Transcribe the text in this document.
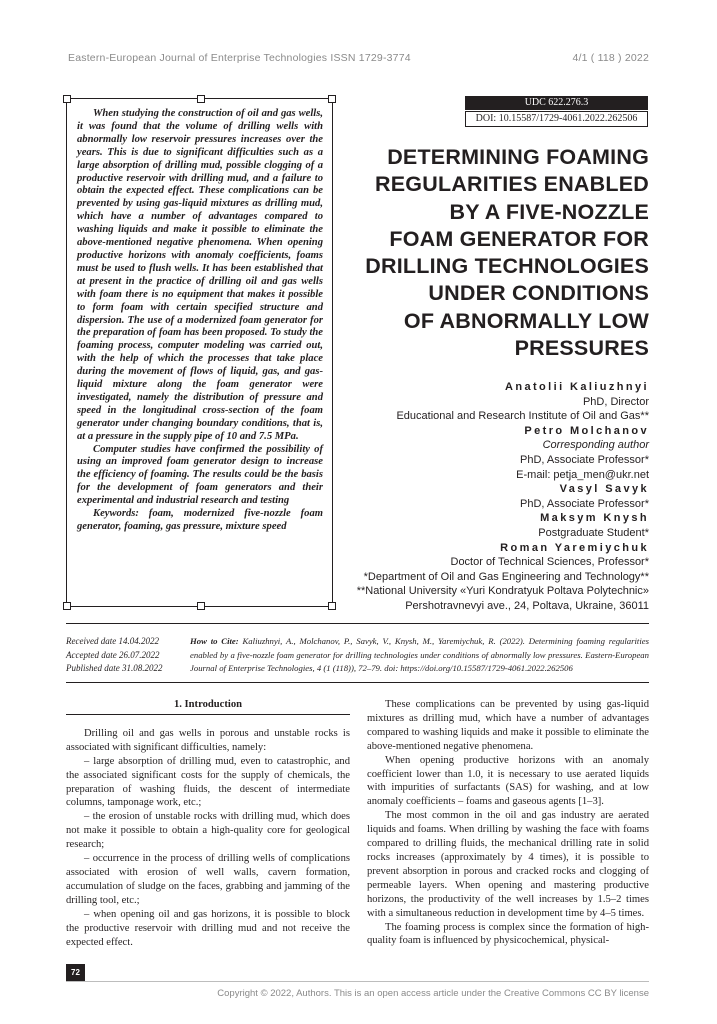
Eastern-European Journal of Enterprise Technologies ISSN 1729-3774	4/1 ( 118 ) 2022

When studying the construction of oil and gas wells, it was found that the volume of drilling wells with abnormally low reservoir pressures increases over the years. This is due to significant difficulties such as a large absorption of drilling mud, possible clogging of a productive reservoir with drilling mud, and a failure to obtain the expected effect. These complications can be prevented by using gas-liquid mixtures as drilling mud, which have a number of advantages compared to washing liquids and make it possible to eliminate the above-mentioned negative phenomena. When opening productive horizons with anomaly coefficients, foams must be used to flush wells. It has been established that at present in the practice of drilling oil and gas wells with foam there is no equipment that makes it possible to form foam with certain specified structure and dispersion. The use of a modernized foam generator for the preparation of foam has been proposed. To study the foaming process, computer modeling was carried out, with the help of which the processes that take place during the movement of flows of liquid, gas, and gas-liquid mixture along the foam generator were investigated, namely the distribution of pressure and speed in the longitudinal cross-section of the foam generator under changing boundary conditions, that is, at a pressure in the supply pipe of 10 and 7.5 MPa.

Computer studies have confirmed the possibility of using an improved foam generator design to increase the efficiency of foaming. The results could be the basis for the development of foam generators and their experimental and industrial research and testing

Keywords: foam, modernized five-nozzle foam generator, foaming, gas pressure, mixture speed

UDC 622.276.3
DOI: 10.15587/1729-4061.2022.262506
DETERMINING FOAMING
REGULARITIES ENABLED
BY A FIVE-NOZZLE
FOAM GENERATOR FOR
DRILLING TECHNOLOGIES
UNDER CONDITIONS
OF ABNORMALLY LOW
PRESSURES
Anatolii Kaliuzhnyi
PhD, Director
Educational and Research Institute of Oil and Gas**
Petro Molchanov
Corresponding author
PhD, Associate Professor*
E-mail: petja_men@ukr.net
Vasyl Savyk
PhD, Associate Professor*
Maksym Knysh
Postgraduate Student*
Roman Yaremiychuk
Doctor of Technical Sciences, Professor*
*Department of Oil and Gas Engineering and Technology**
**National University «Yuri Kondratyuk Poltava Polytechnic»
Pershotravnevyi ave., 24, Poltava, Ukraine, 36011
Received date 14.04.2022
Accepted date 26.07.2022
Published date 31.08.2022
How to Cite: Kaliuzhnyi, A., Molchanov, P., Savyk, V., Knysh, M., Yaremiychuk, R. (2022). Determining foaming regularities enabled by a five-nozzle foam generator for drilling technologies under conditions of abnormally low pressures. Eastern-European Journal of Enterprise Technologies, 4 (1 (118)), 72–79. doi: https://doi.org/10.15587/1729-4061.2022.262506
1. Introduction

Drilling oil and gas wells in porous and unstable rocks is associated with significant difficulties, namely:

– large absorption of drilling mud, even to catastrophic, and the associated significant costs for the supply of chemicals, the preparation of washing fluids, the descent of intermediate columns, tamponage work, etc.;

– the erosion of unstable rocks with drilling mud, which does not make it possible to obtain a high-quality core for geological research;

– occurrence in the process of drilling wells of complications associated with erosion of well walls, cavern formation, accumulation of sludge on the faces, grabbing and jamming of the drilling tool, etc.;

– when opening oil and gas horizons, it is possible to block the productive reservoir with drilling mud and not receive the expected effect.

These complications can be prevented by using gas-liquid mixtures as drilling mud, which have a number of advantages compared to washing liquids and make it possible to eliminate the above-mentioned negative phenomena.

When opening productive horizons with an anomaly coefficient lower than 1.0, it is necessary to use aerated liquids with impurities of surfactants (SAS) for washing, and at low anomaly coefficients – foams and gaseous agents [1–3].

The most common in the oil and gas industry are aerated liquids and foams. When drilling by washing the face with foams compared to drilling fluids, the mechanical drilling rate in solid rocks increases (approximately by 4 times), it is possible to prevent absorption in porous and cracked rocks and clogging of permeable layers. When opening and mastering productive horizons, the productivity of the well increases by 1.5–2 times with a simultaneous reduction in development time by 4–5 times.

The foaming process is complex since the formation of high-quality foam is influenced by physicochemical, physical-

72
Copyright © 2022, Authors. This is an open access article under the Creative Commons CC BY license
